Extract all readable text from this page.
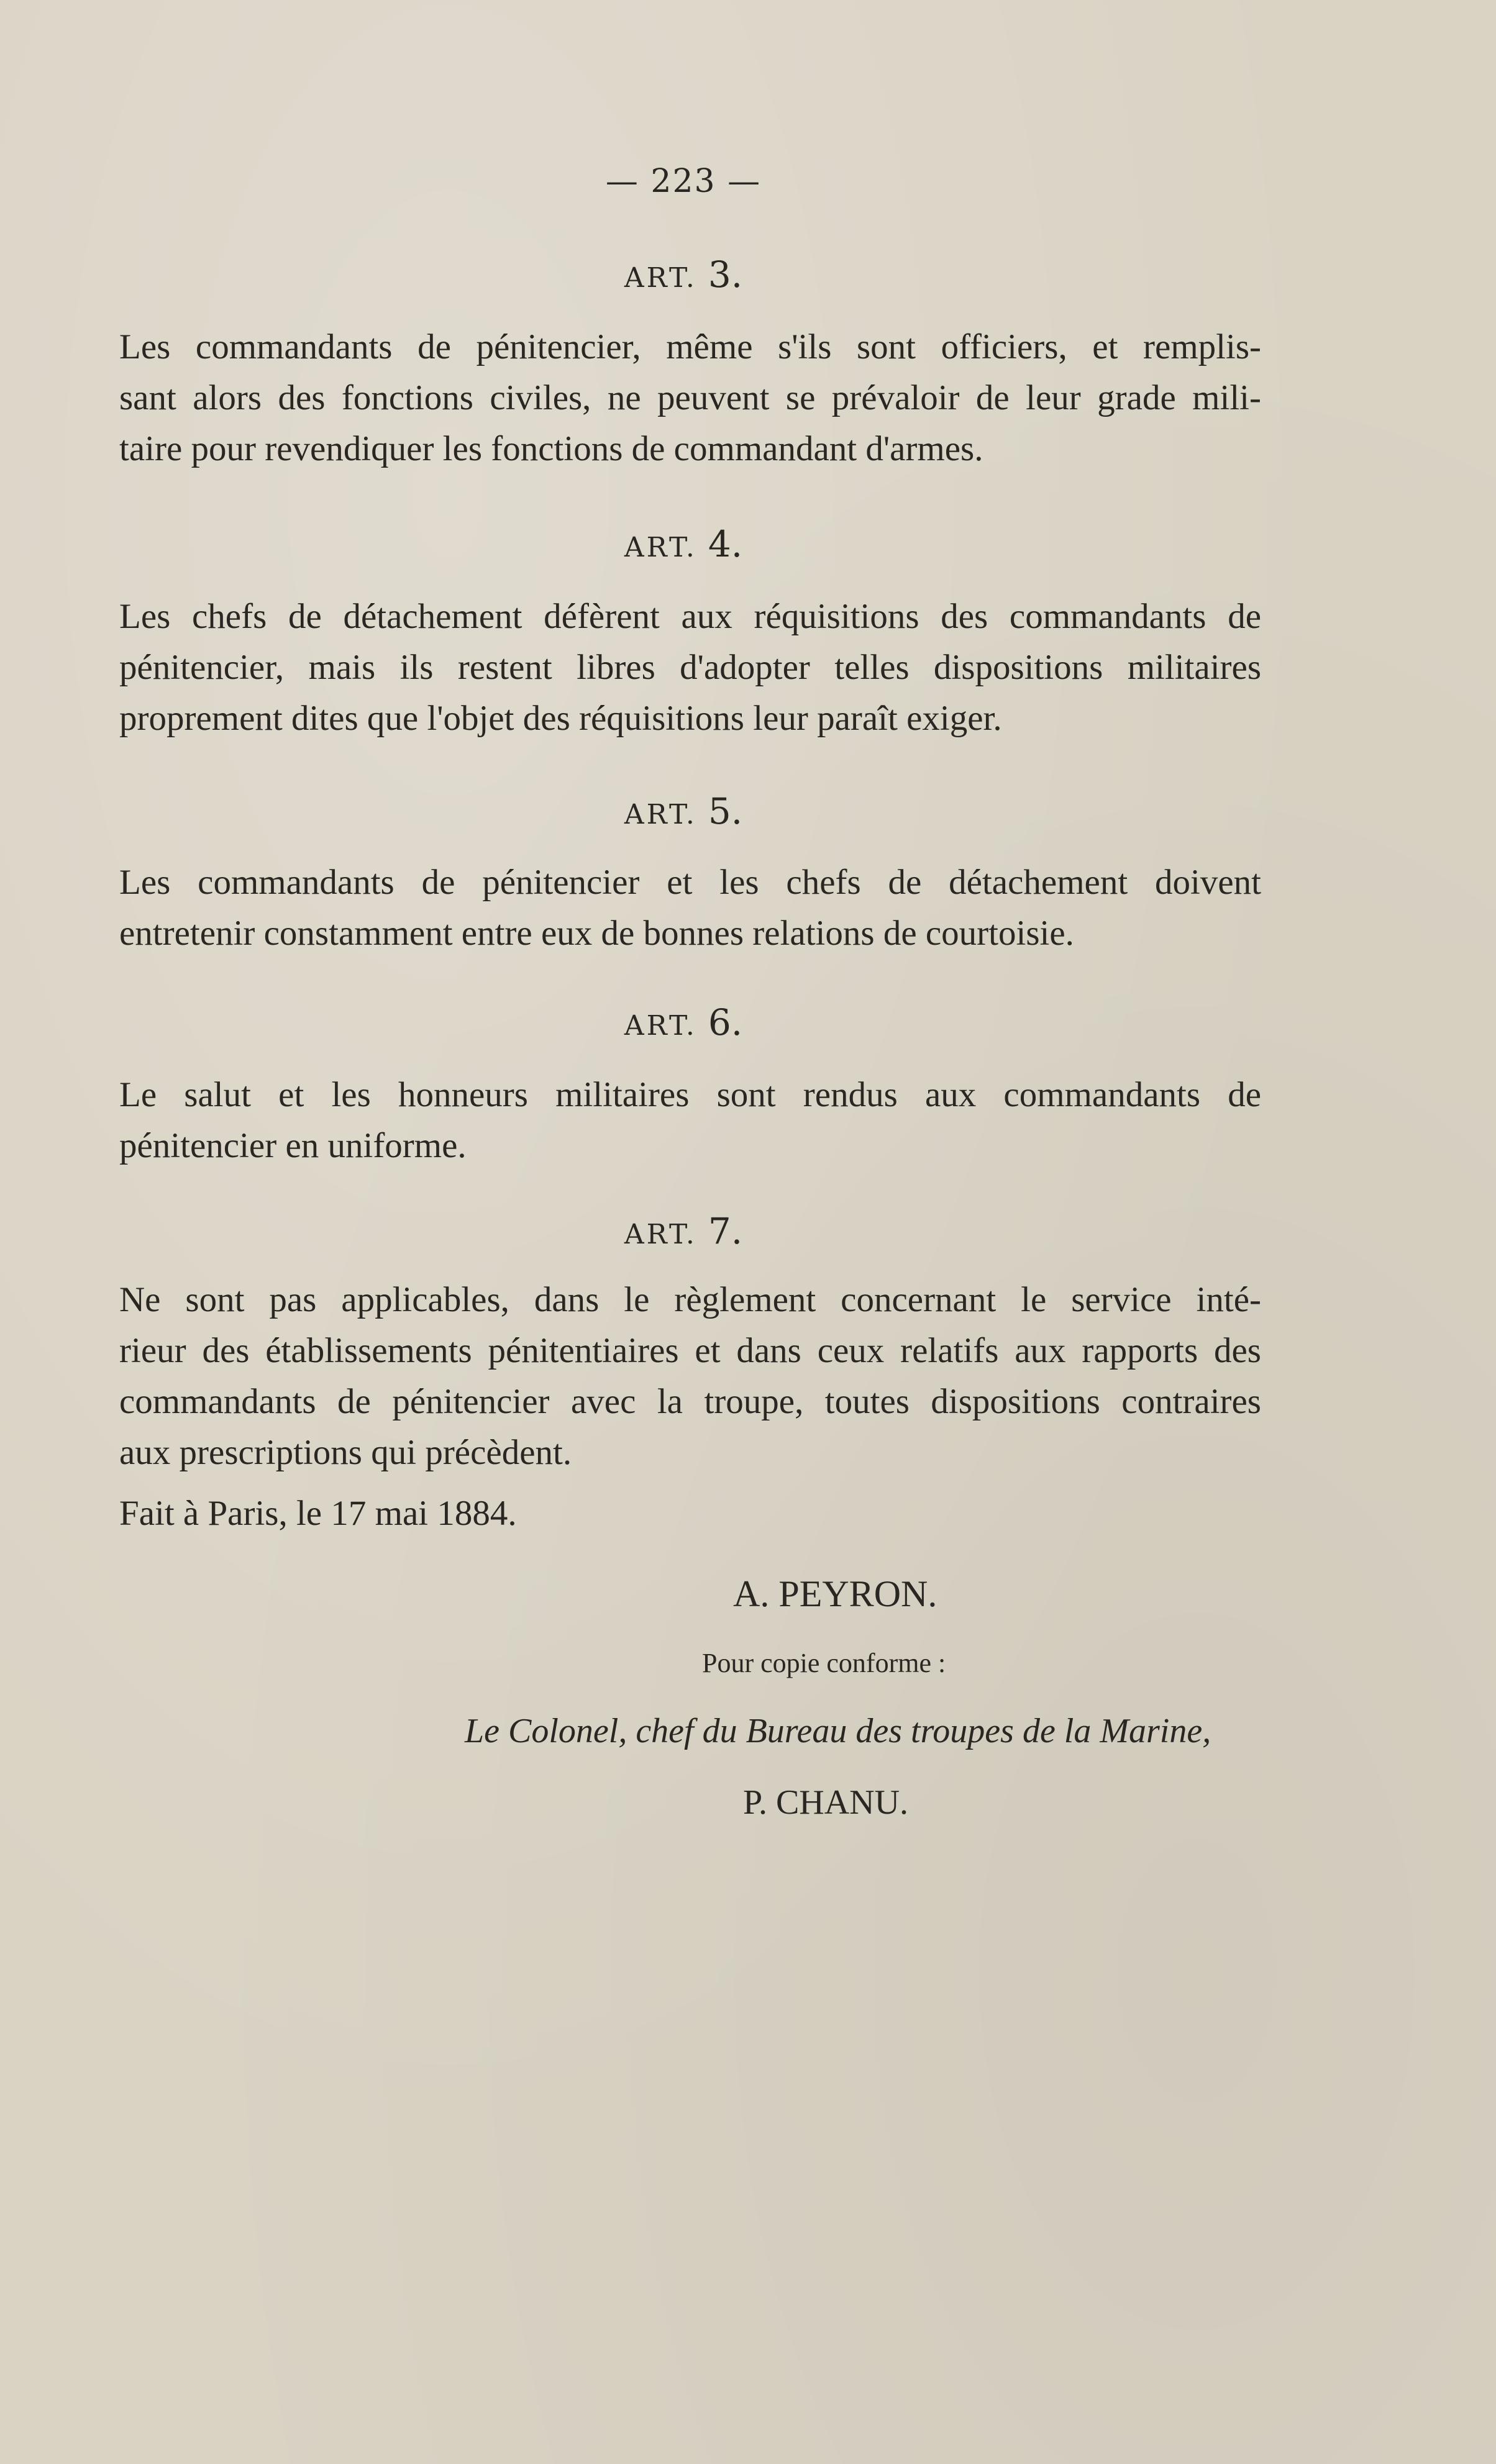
— 223 —
ART. 3.
Les commandants de pénitencier, même s'ils sont officiers, et remplis-
sant alors des fonctions civiles, ne peuvent se prévaloir de leur grade mili-
taire pour revendiquer les fonctions de commandant d'armes.
ART. 4.
Les chefs de détachement défèrent aux réquisitions des commandants de
pénitencier, mais ils restent libres d'adopter telles dispositions militaires
proprement dites que l'objet des réquisitions leur paraît exiger.
ART. 5.
Les commandants de pénitencier et les chefs de détachement doivent
entretenir constamment entre eux de bonnes relations de courtoisie.
ART. 6.
Le salut et les honneurs militaires sont rendus aux commandants de
pénitencier en uniforme.
ART. 7.
Ne sont pas applicables, dans le règlement concernant le service inté-
rieur des établissements pénitentiaires et dans ceux relatifs aux rapports des
commandants de pénitencier avec la troupe, toutes dispositions contraires
aux prescriptions qui précèdent.
Fait à Paris, le 17 mai 1884.
A. PEYRON.
Pour copie conforme :
Le Colonel, chef du Bureau des troupes de la Marine,
P. CHANU.
